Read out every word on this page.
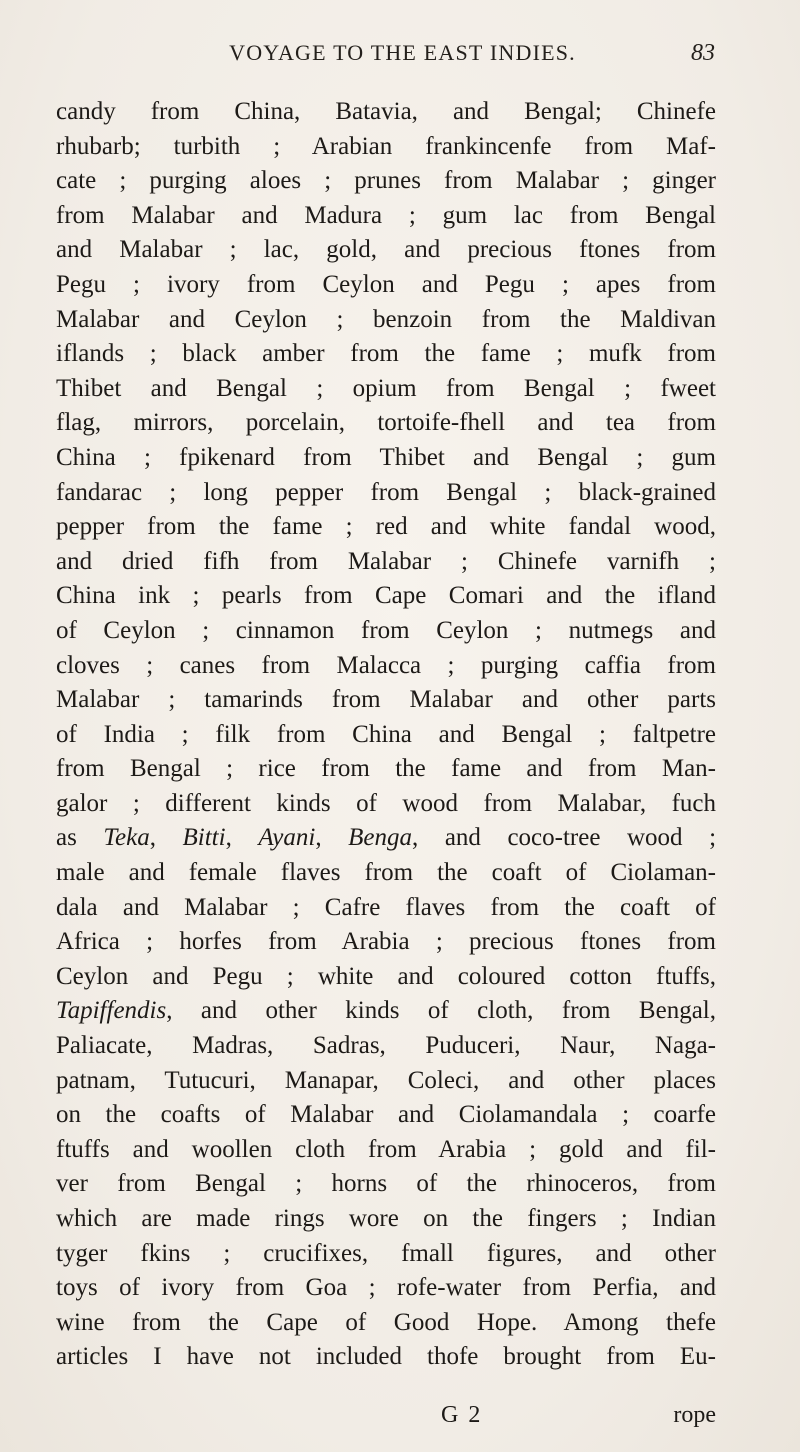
VOYAGE TO THE EAST INDIES.	83
candy from China, Batavia, and Bengal; Chinefe
rhubarb; turbith ; Arabian frankincenfe from Maf-
cate ; purging aloes ; prunes from Malabar ; ginger
from Malabar and Madura ; gum lac from Bengal
and Malabar ; lac, gold, and precious ftones from
Pegu ; ivory from Ceylon and Pegu ; apes from
Malabar and Ceylon ; benzoin from the Maldivan
iflands ; black amber from the fame ; mufk from
Thibet and Bengal ; opium from Bengal ; fweet
flag, mirrors, porcelain, tortoife-fhell and tea from
China ; fpikenard from Thibet and Bengal ; gum
fandarac ; long pepper from Bengal ; black-grained
pepper from the fame ; red and white fandal wood,
and dried fifh from Malabar ; Chinefe varnifh ;
China ink ; pearls from Cape Comari and the ifland
of Ceylon ; cinnamon from Ceylon ; nutmegs and
cloves ; canes from Malacca ; purging caffia from
Malabar ; tamarinds from Malabar and other parts
of India ; filk from China and Bengal ; faltpetre
from Bengal ; rice from the fame and from Man-
galor ; different kinds of wood from Malabar, fuch
as Teka, Bitti, Ayani, Benga, and coco-tree wood ;
male and female flaves from the coaft of Ciolaman-
dala and Malabar ; Cafre flaves from the coaft of
Africa ; horfes from Arabia ; precious ftones from
Ceylon and Pegu ; white and coloured cotton ftuffs,
Tapiffendis, and other kinds of cloth, from Bengal,
Paliacate, Madras, Sadras, Puduceri, Naur, Naga-
patnam, Tutucuri, Manapar, Coleci, and other places
on the coafts of Malabar and Ciolamandala ; coarfe
ftuffs and woollen cloth from Arabia ; gold and fil-
ver from Bengal ; horns of the rhinoceros, from
which are made rings wore on the fingers ; Indian
tyger fkins ; crucifixes, fmall figures, and other
toys of ivory from Goa ; rofe-water from Perfia, and
wine from the Cape of Good Hope. Among thefe
articles I have not included thofe brought from Eu-
G 2	rope
